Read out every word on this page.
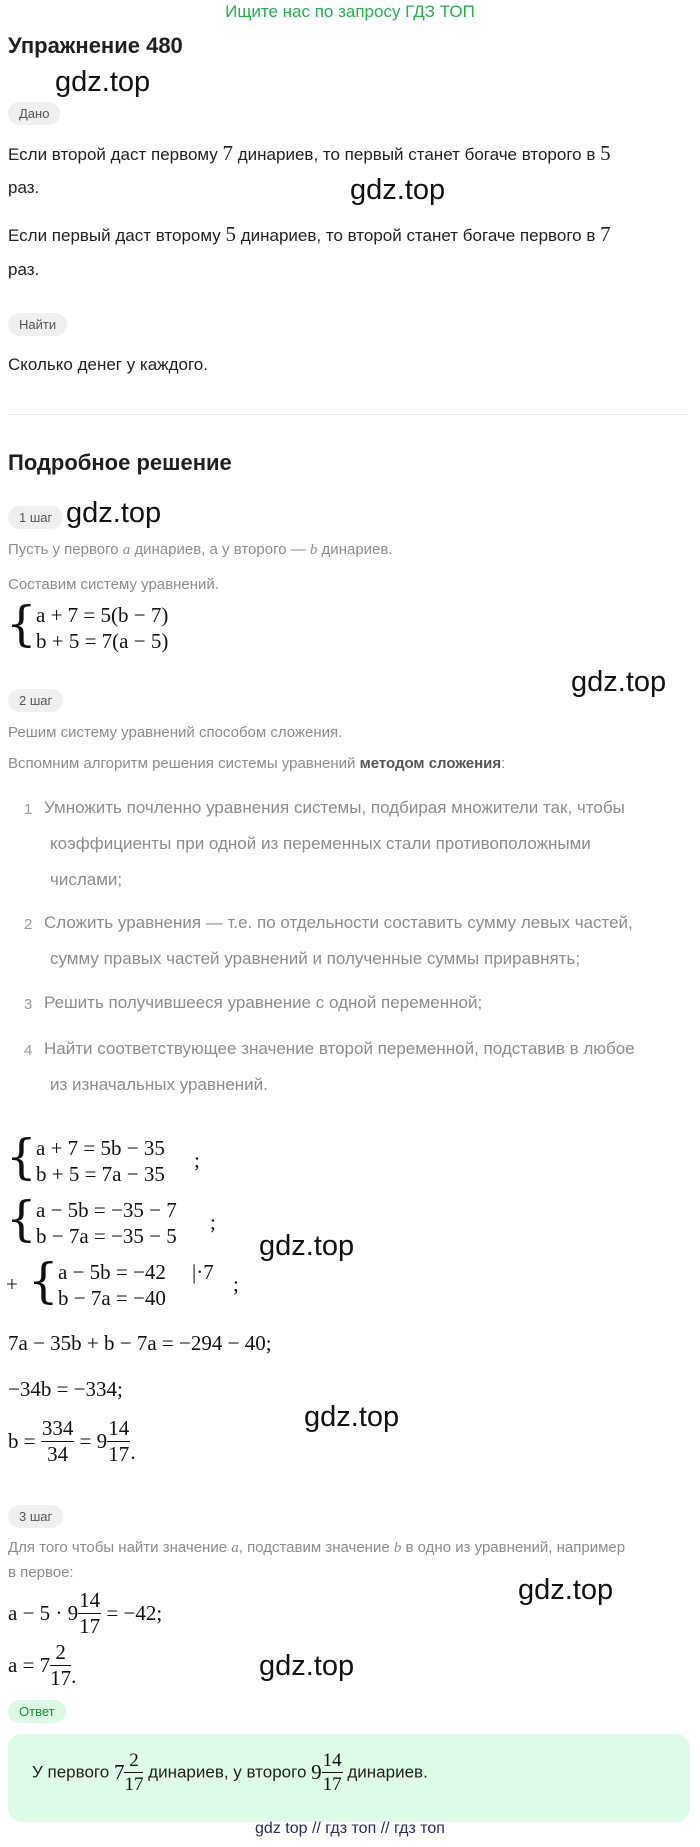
Ищите нас по запросу ГДЗ ТОП
Упражнение 480
gdz.top
gdz.top
gdz.top
gdz.top
gdz.top
gdz.top
gdz.top
gdz.top
Дано
Если второй даст первому 7 динариев, то первый станет богаче второго в 5
раз.
Если первый даст второму 5 динариев, то второй станет богаче первого в 7
раз.
Найти
Сколько денег у каждого.
Подробное решение
1 шаг
Пусть у первого a динариев, а у второго — b динариев.
Составим систему уравнений.
{ a + 7 = 5(b − 7)
b + 5 = 7(a − 5)
2 шаг
Решим систему уравнений способом сложения.
Вспомним алгоритм решения системы уравнений методом сложения:
1 Умножить почленно уравнения системы, подбирая множители так, чтобы
коэффициенты при одной из переменных стали противоположными
числами;
2 Сложить уравнения — т.е. по отдельности составить сумму левых частей,
сумму правых частей уравнений и полученные суммы приравнять;
3 Решить получившееся уравнение с одной переменной;
4 Найти соответствующее значение второй переменной, подставив в любое
из изначальных уравнений.
{ a + 7 = 5b − 35
b + 5 = 7a − 35
;
{ a − 5b = −35 − 7
b − 7a = −35 − 5
;
+ { a − 5b = −42 |·7
b − 7a = −40
;
7a − 35b + b − 7a = −294 − 40;
−34b = −334;
$b = \frac{334}{34} = 9 \frac{14}{17}$ .
3 шаг
Для того чтобы найти значение a, подставим значение b в одно из уравнений, например
в первое:
$a - 5 \cdot 9 \frac{14}{17} = -42$;
$a = 7 \frac{2}{17}$ .
Ответ
У первого $7 \frac{2}{17}$ динариев, у второго $9 \frac{14}{17}$ динариев.
gdz top // гдз топ // гдз топ
